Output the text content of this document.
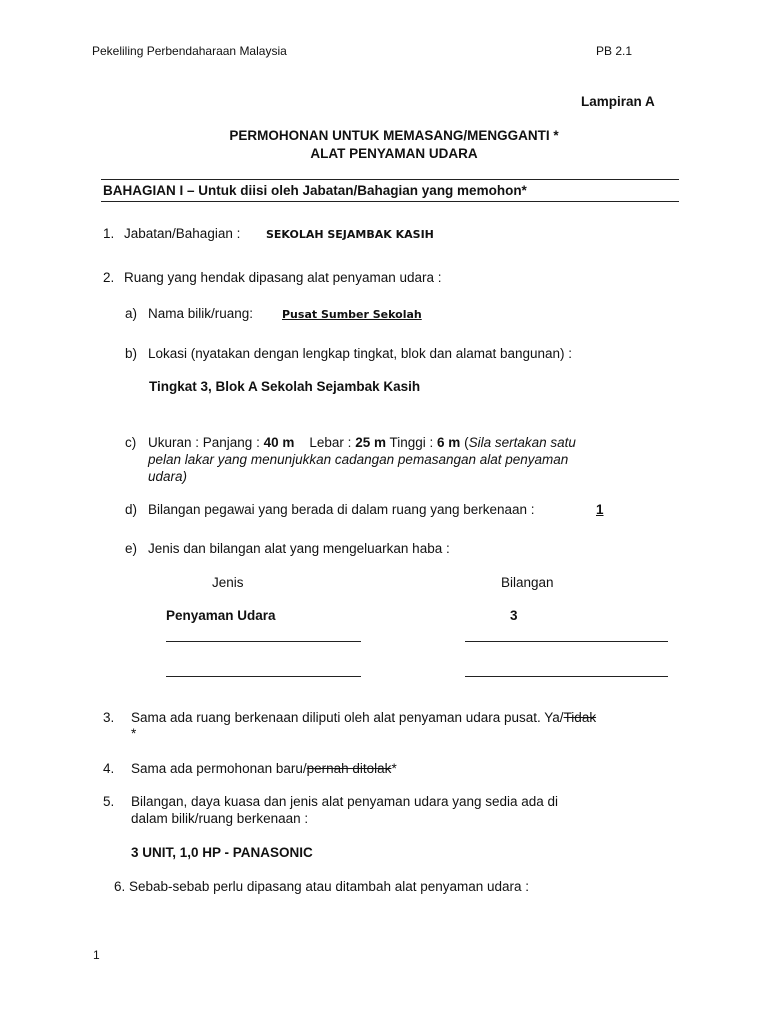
Pekeliling Perbendaharaan Malaysia	PB 2.1
Lampiran A
PERMOHONAN UNTUK MEMASANG/MENGGANTI *
ALAT PENYAMAN UDARA
BAHAGIAN I – Untuk diisi oleh Jabatan/Bahagian yang memohon*
1. Jabatan/Bahagian : SEKOLAH SEJAMBAK KASIH
2. Ruang yang hendak dipasang alat penyaman udara :
a) Nama bilik/ruang:	Pusat Sumber Sekolah
b) Lokasi (nyatakan dengan lengkap tingkat, blok dan alamat bangunan) :
Tingkat 3, Blok A Sekolah Sejambak Kasih
c) Ukuran : Panjang : 40 m Lebar : 25 m Tinggi : 6 m (Sila sertakan satu
pelan lakar yang menunjukkan cadangan pemasangan alat penyaman
udara)
d) Bilangan pegawai yang berada di dalam ruang yang berkenaan :	1
e) Jenis dan bilangan alat yang mengeluarkan haba :
Jenis	Bilangan
Penyaman Udara	3
3. Sama ada ruang berkenaan diliputi oleh alat penyaman udara pusat. Ya/Tidak
*
4. Sama ada permohonan baru/pernah ditolak*
5. Bilangan, daya kuasa dan jenis alat penyaman udara yang sedia ada di
dalam bilik/ruang berkenaan :
3 UNIT, 1,0 HP - PANASONIC
6. Sebab-sebab perlu dipasang atau ditambah alat penyaman udara :
1
